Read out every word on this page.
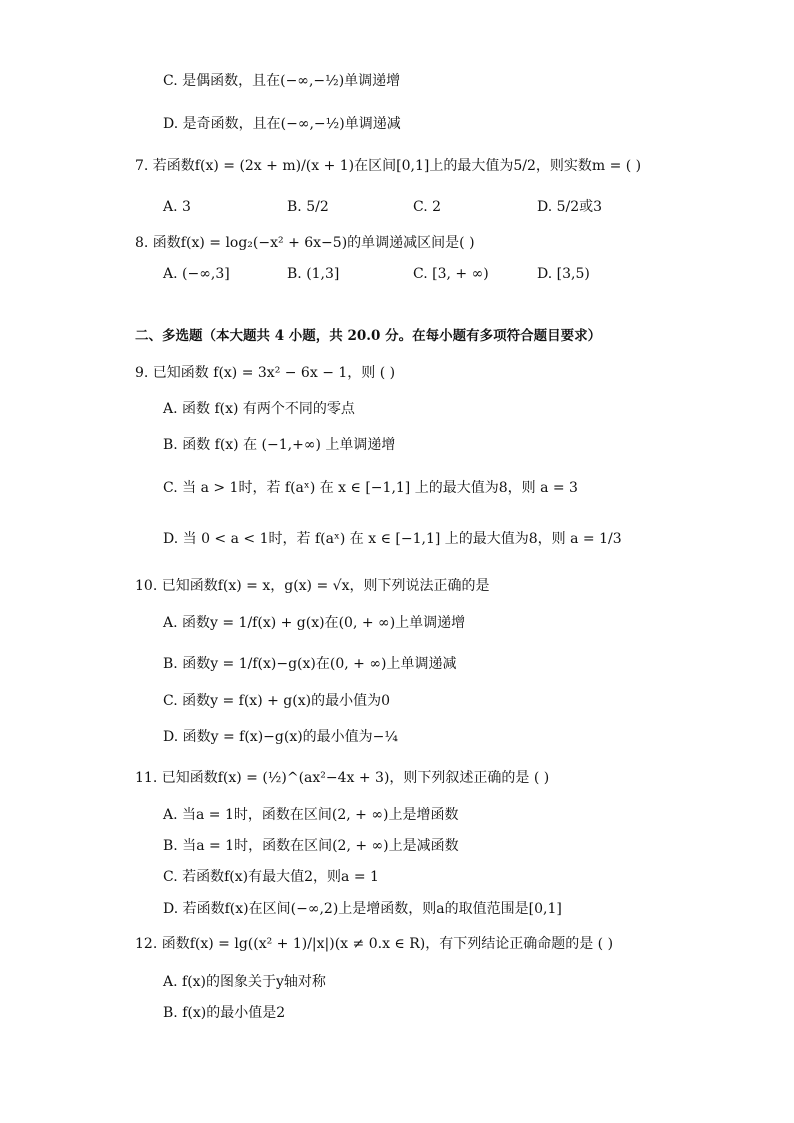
C. 是偶函数，且在(−∞,−½)单调递增
D. 是奇函数，且在(−∞,−½)单调递减
7. 若函数f(x) = (2x + m)/(x + 1)在区间[0,1]上的最大值为5/2，则实数m = ( )
A. 3	B. 5/2	C. 2	D. 5/2或3
8. 函数f(x) = log₂(−x² + 6x−5)的单调递减区间是( )
A. (−∞,3]	B. (1,3]	C. [3, + ∞)	D. [3,5)
二、多选题（本大题共 4 小题，共 20.0 分。在每小题有多项符合题目要求）
9. 已知函数 f(x) = 3x² − 6x − 1，则 ( )
A. 函数 f(x) 有两个不同的零点
B. 函数 f(x) 在 (−1,+∞) 上单调递增
C. 当 a > 1时，若 f(aˣ) 在 x ∈ [−1,1] 上的最大值为8，则 a = 3
D. 当 0 < a < 1时，若 f(aˣ) 在 x ∈ [−1,1] 上的最大值为8，则 a = 1/3
10. 已知函数f(x) = x，g(x) = √x，则下列说法正确的是
A. 函数y = 1/f(x) + g(x)在(0, + ∞)上单调递增
B. 函数y = 1/f(x)−g(x)在(0, + ∞)上单调递减
C. 函数y = f(x) + g(x)的最小值为0
D. 函数y = f(x)−g(x)的最小值为−¼
11. 已知函数f(x) = (½)^(ax²−4x + 3)，则下列叙述正确的是 ( )
A. 当a = 1时，函数在区间(2, + ∞)上是增函数
B. 当a = 1时，函数在区间(2, + ∞)上是减函数
C. 若函数f(x)有最大值2，则a = 1
D. 若函数f(x)在区间(−∞,2)上是增函数，则a的取值范围是[0,1]
12. 函数f(x) = lg((x² + 1)/|x|)(x ≠ 0.x ∈ R)，有下列结论正确命题的是 ( )
A. f(x)的图象关于y轴对称
B. f(x)的最小值是2
